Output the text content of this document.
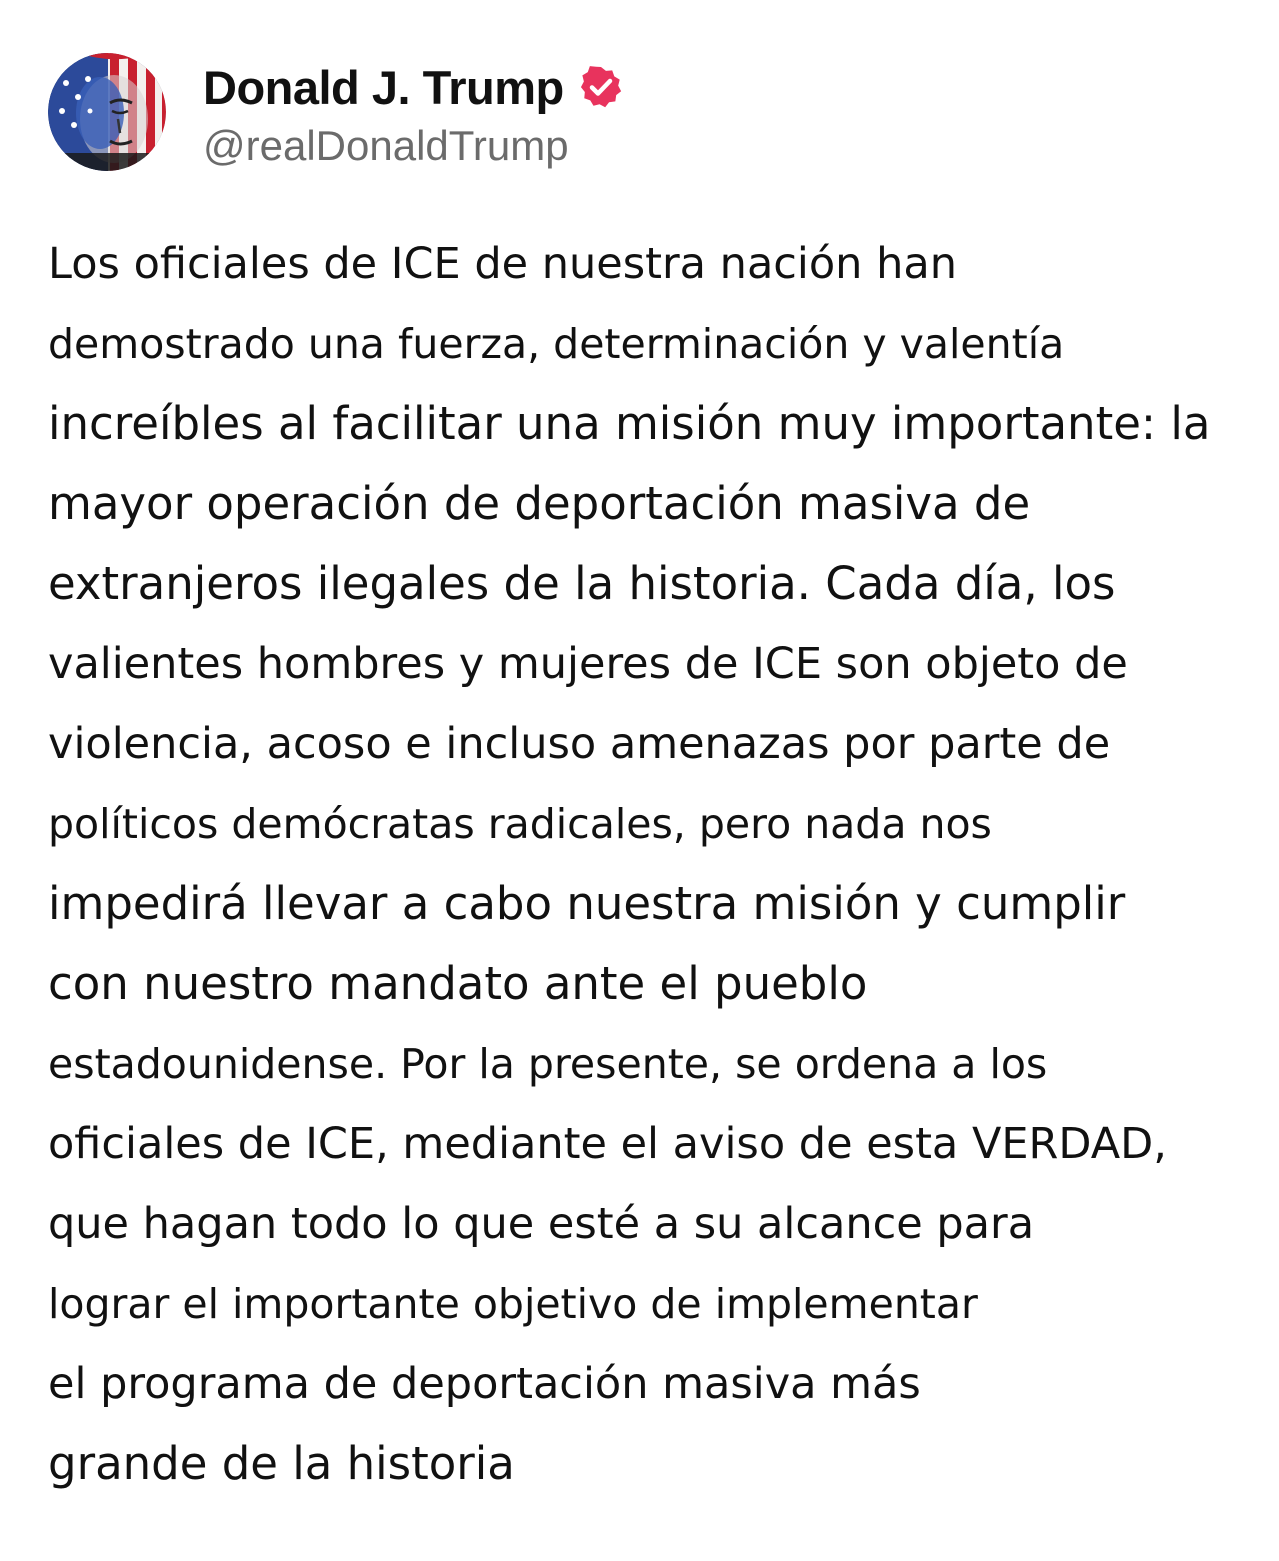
Donald J. Trump
@realDonaldTrump
Los oficiales de ICE de nuestra nación han
demostrado una fuerza, determinación y valentía
increíbles al facilitar una misión muy importante: la
mayor operación de deportación masiva de
extranjeros ilegales de la historia. Cada día, los
valientes hombres y mujeres de ICE son objeto de
violencia, acoso e incluso amenazas por parte de
políticos demócratas radicales, pero nada nos
impedirá llevar a cabo nuestra misión y cumplir
con nuestro mandato ante el pueblo
estadounidense. Por la presente, se ordena a los
oficiales de ICE, mediante el aviso de esta VERDAD,
que hagan todo lo que esté a su alcance para
lograr el importante objetivo de implementar
el programa de deportación masiva más
grande de la historia
